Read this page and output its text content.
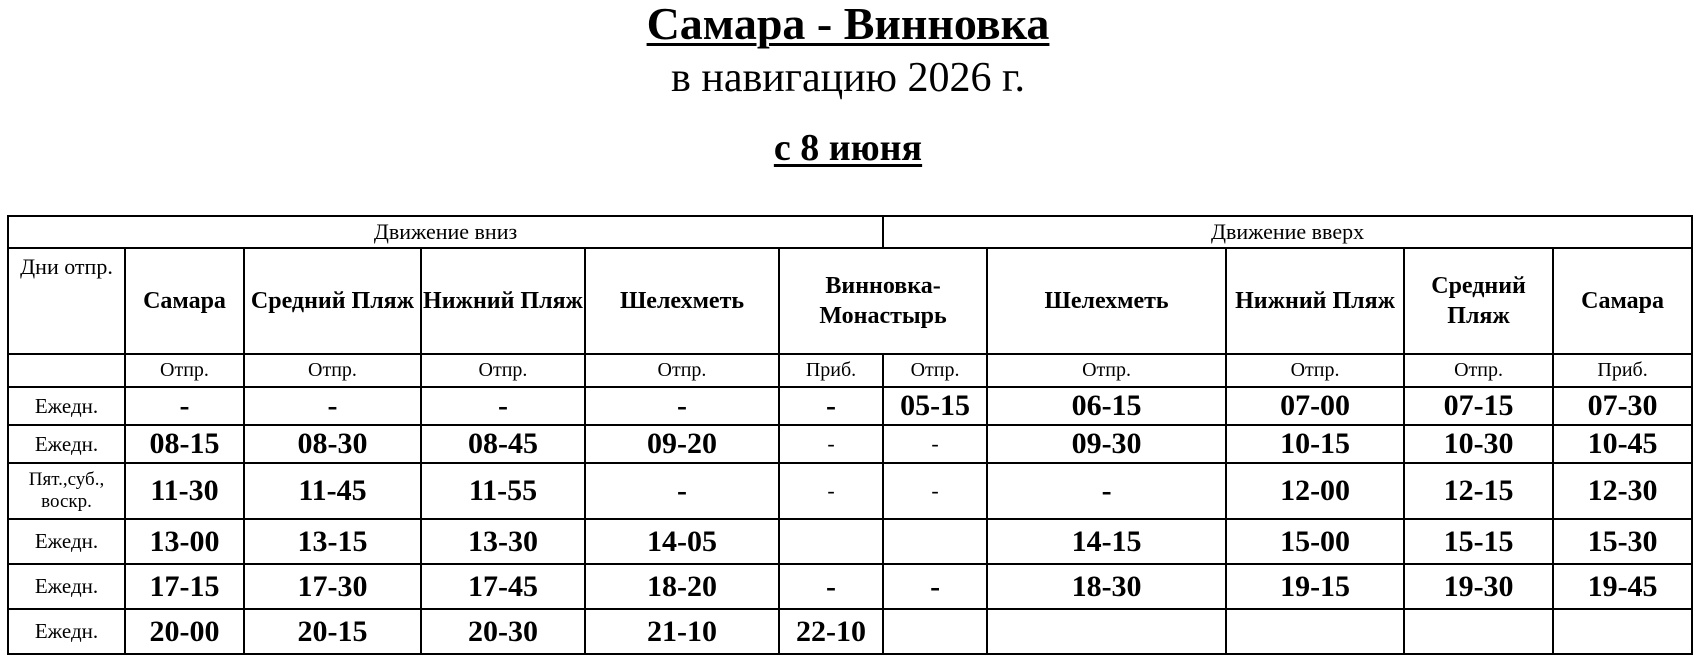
Самара - Винновка
в навигацию 2026 г.
с 8 июня
Движение вниз						Движение вверх				
Дни отпр.	Самара	Средний Пляж	Нижний Пляж	Шелехметь	Винновка-Монастырь		Шелехметь	Нижний Пляж	Средний Пляж	Самара
	Отпр.	Отпр.	Отпр.	Отпр.	Приб.	Отпр.	Отпр.	Отпр.	Отпр.	Приб.
Ежедн.	-	-	-	-	-	05-15	06-15	07-00	07-15	07-30
Ежедн.	08-15	08-30	08-45	09-20	-	-	09-30	10-15	10-30	10-45
Пят.,суб., воскр.	11-30	11-45	11-55	-	-	-	-	12-00	12-15	12-30
Ежедн.	13-00	13-15	13-30	14-05			14-15	15-00	15-15	15-30
Ежедн.	17-15	17-30	17-45	18-20	-	-	18-30	19-15	19-30	19-45
Ежедн.	20-00	20-15	20-30	21-10	22-10					
